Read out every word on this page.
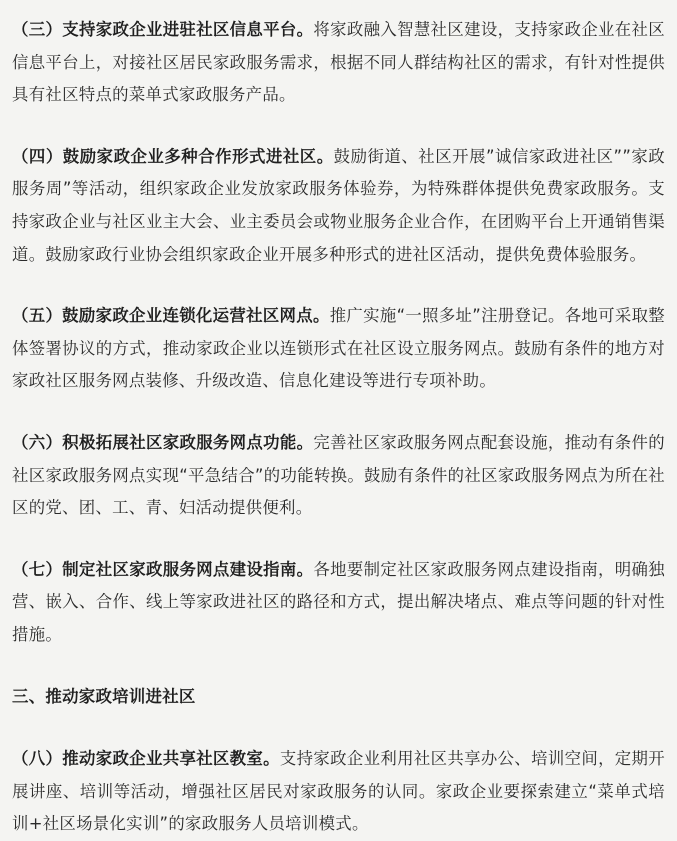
（三）支持家政企业进驻社区信息平台。将家政融入智慧社区建设，支持家政企业在社区信息平台上，对接社区居民家政服务需求，根据不同人群结构社区的需求，有针对性提供具有社区特点的菜单式家政服务产品。

（四）鼓励家政企业多种合作形式进社区。鼓励街道、社区开展”诚信家政进社区””家政服务周”等活动，组织家政企业发放家政服务体验券，为特殊群体提供免费家政服务。支持家政企业与社区业主大会、业主委员会或物业服务企业合作，在团购平台上开通销售渠道。鼓励家政行业协会组织家政企业开展多种形式的进社区活动，提供免费体验服务。

（五）鼓励家政企业连锁化运营社区网点。推广实施“一照多址”注册登记。各地可采取整体签署协议的方式，推动家政企业以连锁形式在社区设立服务网点。鼓励有条件的地方对家政社区服务网点装修、升级改造、信息化建设等进行专项补助。

（六）积极拓展社区家政服务网点功能。完善社区家政服务网点配套设施，推动有条件的社区家政服务网点实现“平急结合”的功能转换。鼓励有条件的社区家政服务网点为所在社区的党、团、工、青、妇活动提供便利。

（七）制定社区家政服务网点建设指南。各地要制定社区家政服务网点建设指南，明确独营、嵌入、合作、线上等家政进社区的路径和方式，提出解决堵点、难点等问题的针对性措施。

三、推动家政培训进社区

（八）推动家政企业共享社区教室。支持家政企业利用社区共享办公、培训空间，定期开展讲座、培训等活动，增强社区居民对家政服务的认同。家政企业要探索建立“菜单式培训+社区场景化实训”的家政服务人员培训模式。
